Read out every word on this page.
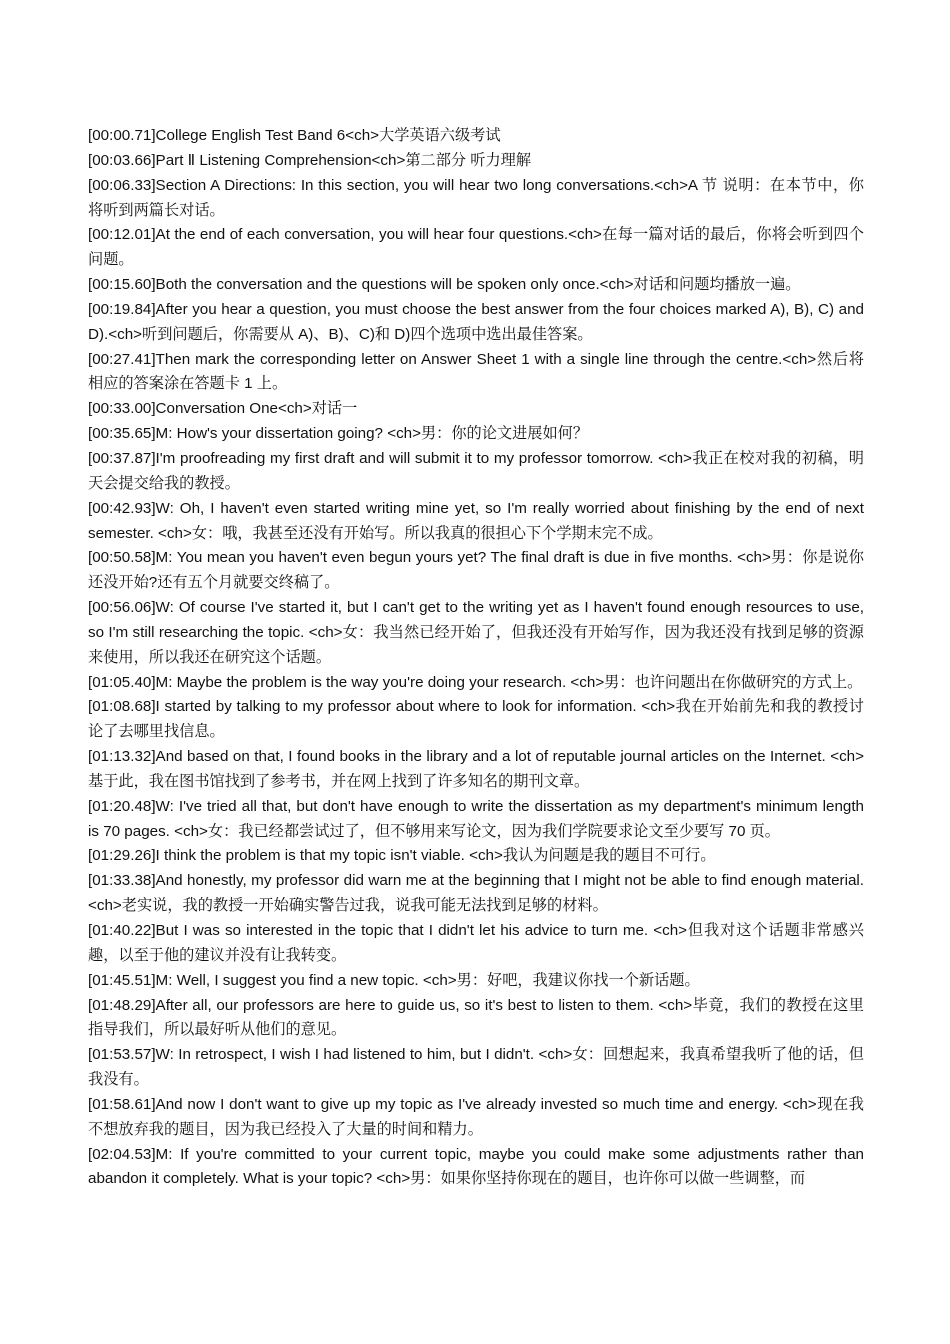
[00:00.71]College English Test Band 6<ch>大学英语六级考试

[00:03.66]Part Ⅱ Listening Comprehension<ch>第二部分 听力理解

[00:06.33]Section A Directions: In this section, you will hear two long conversations.<ch>A 节 说明：在本节中，你将听到两篇长对话。

[00:12.01]At the end of each conversation, you will hear four questions.<ch>在每一篇对话的最后，你将会听到四个问题。

[00:15.60]Both the conversation and the questions will be spoken only once.<ch>对话和问题均播放一遍。

[00:19.84]After you hear a question, you must choose the best answer from the four choices marked A), B), C) and D).<ch>听到问题后，你需要从 A)、B)、C)和 D)四个选项中选出最佳答案。

[00:27.41]Then mark the corresponding letter on Answer Sheet 1 with a single line through the centre.<ch>然后将相应的答案涂在答题卡 1 上。

[00:33.00]Conversation One<ch>对话一

[00:35.65]M: How's your dissertation going? <ch>男：你的论文进展如何？

[00:37.87]I'm proofreading my first draft and will submit it to my professor tomorrow. <ch>我正在校对我的初稿，明天会提交给我的教授。

[00:42.93]W: Oh, I haven't even started writing mine yet, so I'm really worried about finishing by the end of next semester. <ch>女：哦，我甚至还没有开始写。所以我真的很担心下个学期末完不成。

[00:50.58]M: You mean you haven't even begun yours yet? The final draft is due in five months. <ch>男：你是说你还没开始?还有五个月就要交终稿了。

[00:56.06]W: Of course I've started it, but I can't get to the writing yet as I haven't found enough resources to use, so I'm still researching the topic. <ch>女：我当然已经开始了，但我还没有开始写作，因为我还没有找到足够的资源来使用，所以我还在研究这个话题。

[01:05.40]M: Maybe the problem is the way you're doing your research. <ch>男：也许问题出在你做研究的方式上。

[01:08.68]I started by talking to my professor about where to look for information. <ch>我在开始前先和我的教授讨论了去哪里找信息。

[01:13.32]And based on that, I found books in the library and a lot of reputable journal articles on the Internet. <ch>基于此，我在图书馆找到了参考书，并在网上找到了许多知名的期刊文章。

[01:20.48]W: I've tried all that, but don't have enough to write the dissertation as my department's minimum length is 70 pages. <ch>女：我已经都尝试过了，但不够用来写论文，因为我们学院要求论文至少要写 70 页。

[01:29.26]I think the problem is that my topic isn't viable. <ch>我认为问题是我的题目不可行。

[01:33.38]And honestly, my professor did warn me at the beginning that I might not be able to find enough material. <ch>老实说，我的教授一开始确实警告过我，说我可能无法找到足够的材料。

[01:40.22]But I was so interested in the topic that I didn't let his advice to turn me. <ch>但我对这个话题非常感兴趣，以至于他的建议并没有让我转变。

[01:45.51]M: Well, I suggest you find a new topic. <ch>男：好吧，我建议你找一个新话题。

[01:48.29]After all, our professors are here to guide us, so it's best to listen to them. <ch>毕竟，我们的教授在这里指导我们，所以最好听从他们的意见。

[01:53.57]W: In retrospect, I wish I had listened to him, but I didn't. <ch>女：回想起来，我真希望我听了他的话，但我没有。

[01:58.61]And now I don't want to give up my topic as I've already invested so much time and energy. <ch>现在我不想放弃我的题目，因为我已经投入了大量的时间和精力。

[02:04.53]M: If you're committed to your current topic, maybe you could make some adjustments rather than abandon it completely. What is your topic? <ch>男：如果你坚持你现在的题目，也许你可以做一些调整，而
